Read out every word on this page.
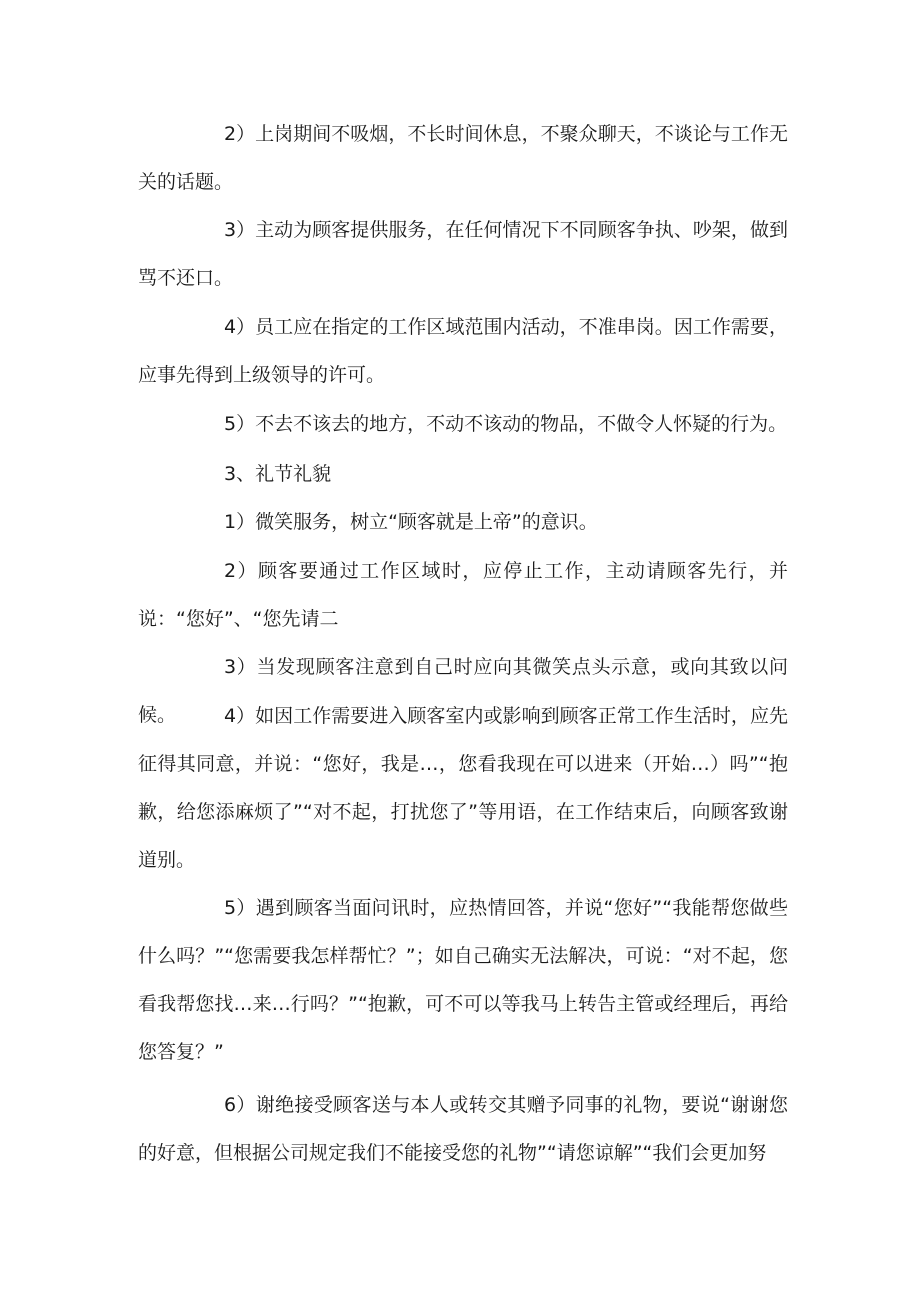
2）上岗期间不吸烟，不长时间休息，不聚众聊天，不谈论与工作无关的话题。

3）主动为顾客提供服务，在任何情况下不同顾客争执、吵架，做到骂不还口。

4）员工应在指定的工作区域范围内活动，不准串岗。因工作需要，应事先得到上级领导的许可。

5）不去不该去的地方，不动不该动的物品，不做令人怀疑的行为。

3、礼节礼貌

1）微笑服务，树立“顾客就是上帝”的意识。

2）顾客要通过工作区域时，应停止工作，主动请顾客先行，并说：“您好”、“您先请二

3）当发现顾客注意到自己时应向其微笑点头示意，或向其致以问候。	4）如因工作需要进入顾客室内或影响到顾客正常工作生活时，应先征得其同意，并说：“您好，我是…，您看我现在可以进来（开始…）吗”“抱歉，给您添麻烦了”“对不起，打扰您了”等用语，在工作结束后，向顾客致谢道别。

5）遇到顾客当面问讯时，应热情回答，并说“您好”“我能帮您做些什么吗？”“您需要我怎样帮忙？”；如自己确实无法解决，可说：“对不起，您看我帮您找…来…行吗？”“抱歉，可不可以等我马上转告主管或经理后，再给您答复？”

6）谢绝接受顾客送与本人或转交其赠予同事的礼物，要说“谢谢您的好意，但根据公司规定我们不能接受您的礼物”“请您谅解”“我们会更加努
